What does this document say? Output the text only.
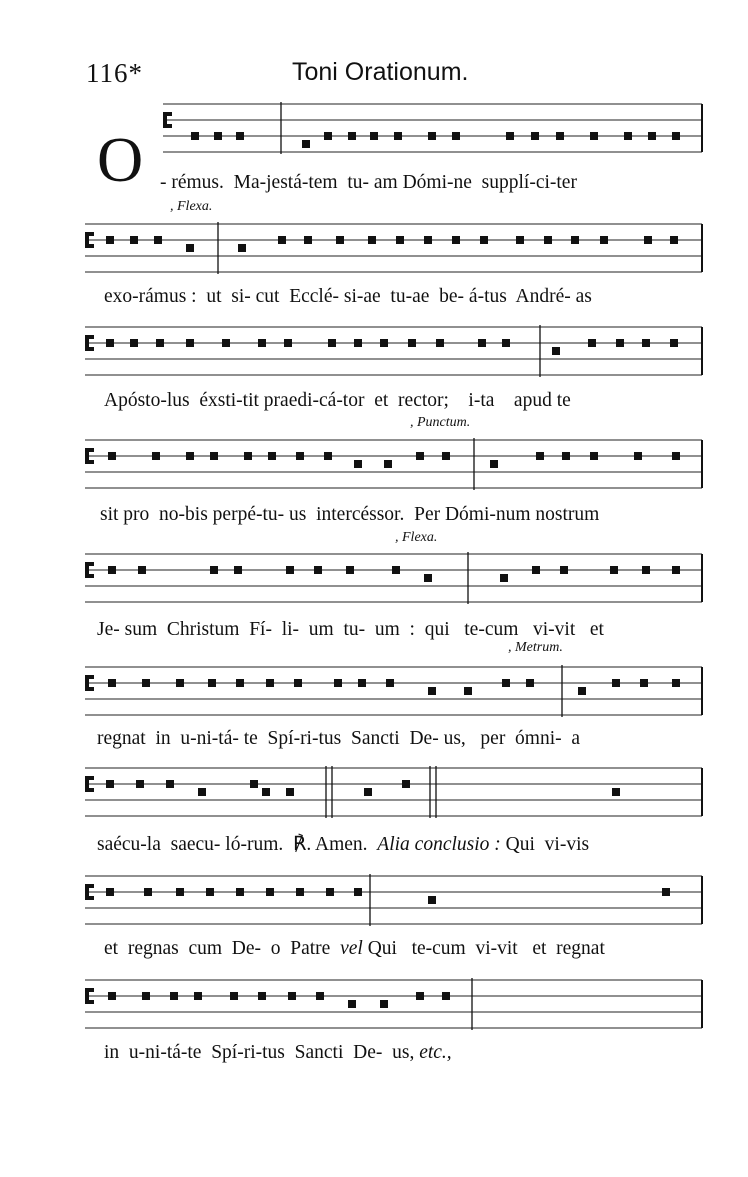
116*	Toni Orationum.
O - rémus.  Ma-jestá-tem  tu- am Dómi-ne  supplí-ci-ter
, Flexa.
exo-rámus :  ut  si- cut  Ecclé- si-ae  tu-ae  be- á-tus  André- as
Apósto-lus  éxsti-tit praedi-cá-tor  et  rector;    i-ta    apud te
, Punctum.
sit pro  no-bis perpé-tu- us  intercéssor.  Per Dómi-num nostrum
, Flexa.
Je- sum  Christum  Fí-  li-  um  tu-  um  :  qui   te-cum   vi-vit   et
, Metrum.
regnat  in  u-ni-tá- te  Spí-ri-tus  Sancti  De- us,   per  ómni-  a
saécu-la  saecu- ló-rum.  ℟. Amen. Alia conclusio : Qui  vi-vis
et  regnas  cum  De-  o  Patre vel Qui   te-cum  vi-vit   et  regnat
in  u-ni-tá-te  Spí-ri-tus  Sancti  De-  us, etc.,
